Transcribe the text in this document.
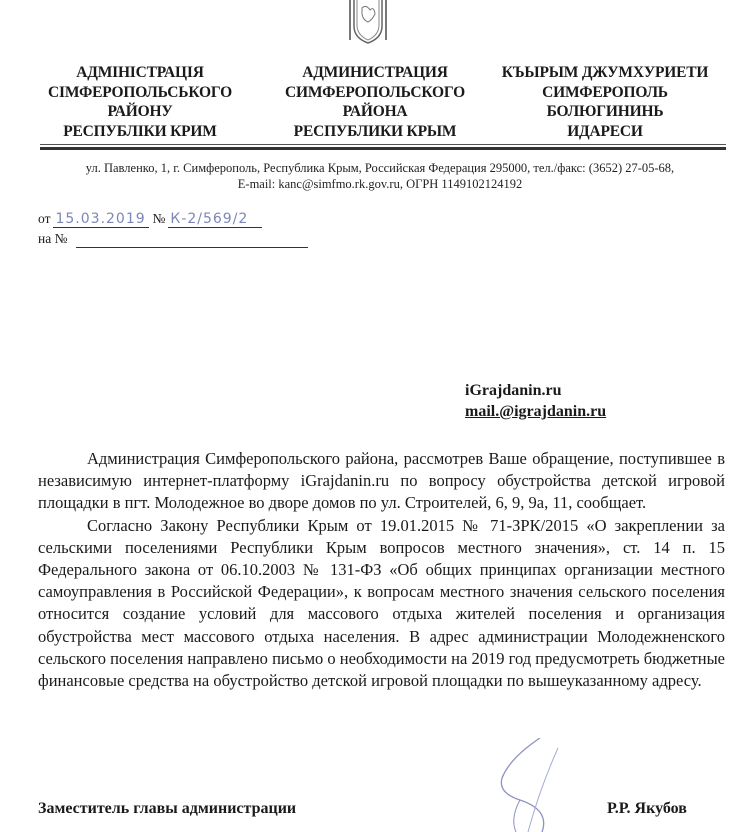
АДМІНІСТРАЦІЯ
СІМФЕРОПОЛЬСЬКОГО
РАЙОНУ
РЕСПУБЛІКИ КРИМ
АДМИНИСТРАЦИЯ
СИМФЕРОПОЛЬСКОГО
РАЙОНА
РЕСПУБЛИКИ КРЫМ
КЪЫРЫМ ДЖУМХУРИЕТИ
СИМФЕРОПОЛЬ
БОЛЮГИНИНЬ
ИДАРЕСИ
ул. Павленко, 1, г. Симферополь, Республика Крым, Российская Федерация 295000, тел./факс: (3652) 27-05-68,
E-mail: kanc@simfmo.rk.gov.ru, ОГРН 1149102124192
от 15.03.2019 № К-2/569/2
на №
iGrajdanin.ru
mail.@igrajdanin.ru

Администрация Симферопольского района, рассмотрев Ваше обращение, поступившее в независимую интернет-платформу iGrajdanin.ru по вопросу обустройства детской игровой площадки в пгт. Молодежное во дворе домов по ул. Строителей, 6, 9, 9а, 11, сообщает.

Согласно Закону Республики Крым от 19.01.2015 № 71-ЗРК/2015 «О закреплении за сельскими поселениями Республики Крым вопросов местного значения», ст. 14 п. 15 Федерального закона от 06.10.2003 № 131-ФЗ «Об общих принципах организации местного самоуправления в Российской Федерации», к вопросам местного значения сельского поселения относится создание условий для массового отдыха жителей поселения и организация обустройства мест массового отдыха населения. В адрес администрации Молодежненского сельского поселения направлено письмо о необходимости на 2019 год предусмотреть бюджетные финансовые средства на обустройство детской игровой площадки по вышеуказанному адресу.

Заместитель главы администрации	Р.Р. Якубов
